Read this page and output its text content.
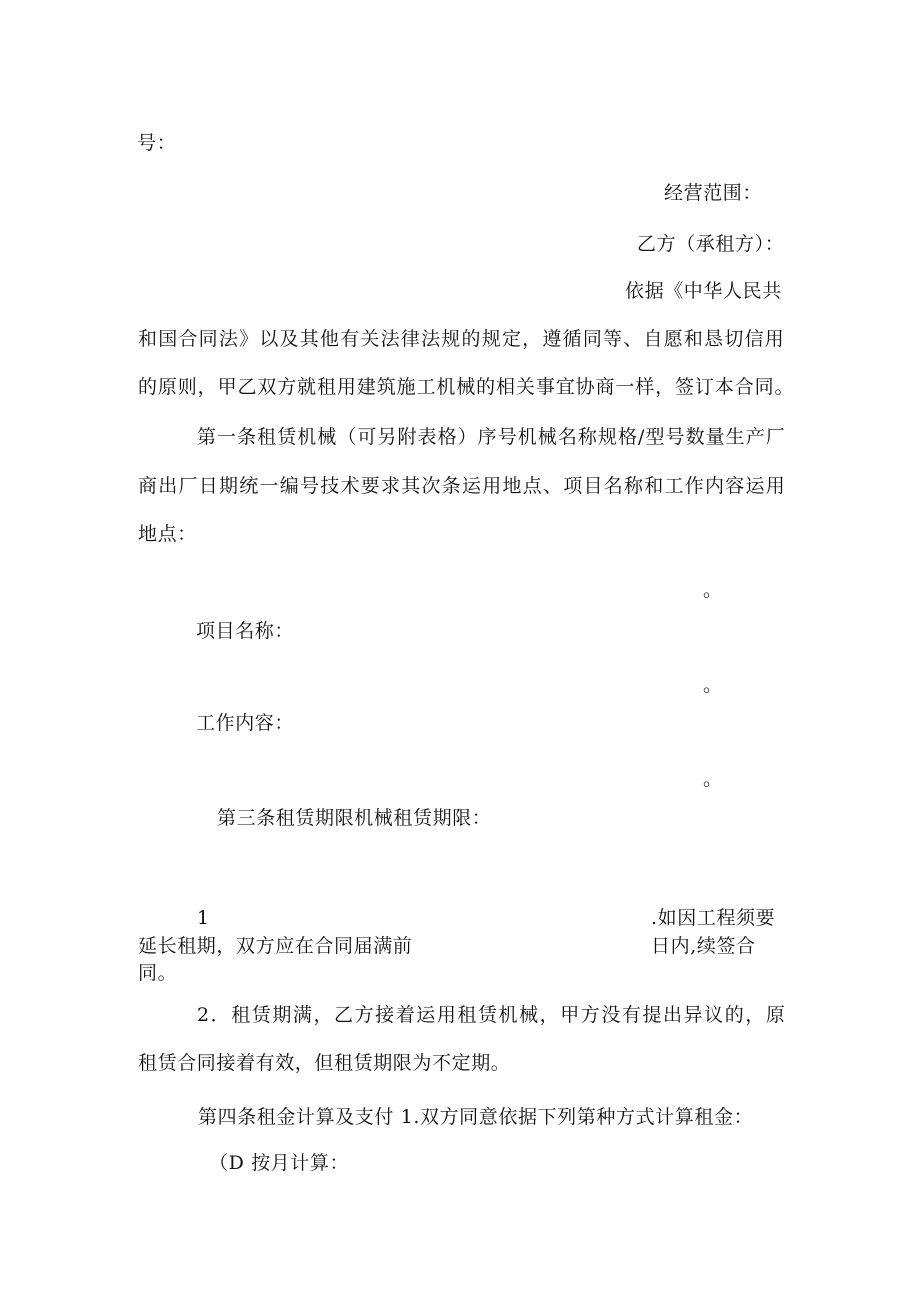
号：
经营范围：
乙方（承租方）：
依据《中华人民共
和 国 合 同 法 》 以 及 其 他 有 关 法 律 法 规 的 规 定 ， 遵 循 同 等 、 自 愿 和 恳 切 信 用
的 原 则 ， 甲 乙 双 方 就 租 用 建 筑 施 工 机 械 的 相 关 事 宜 协 商 一 样 ， 签 订 本 合 同 。
第 一 条 租 赁 机 械 （ 可 另 附 表 格 ） 序 号 机 械 名 称 规 格 / 型 号 数 量 生 产 厂
商 出 厂 日 期 统 一 编 号 技 术 要 求 其 次 条 运 用 地 点 、 项 目 名 称 和 工 作 内 容 运 用
地点：
。
项目名称：
。
工作内容：
。
第三条租赁期限机械租赁期限：
1	.如因工程须要
延长租期，双方应在合同届满前	日内,续签合
同。
2 ． 租 赁 期 满 ， 乙 方 接 着 运 用 租 赁 机 械 ， 甲 方 没 有 提 出 异 议 的 ， 原
租赁合同接着有效，但租赁期限为不定期。
第四条租金计算及支付 1.双方同意依据下列第种方式计算租金：
（D 按月计算：
